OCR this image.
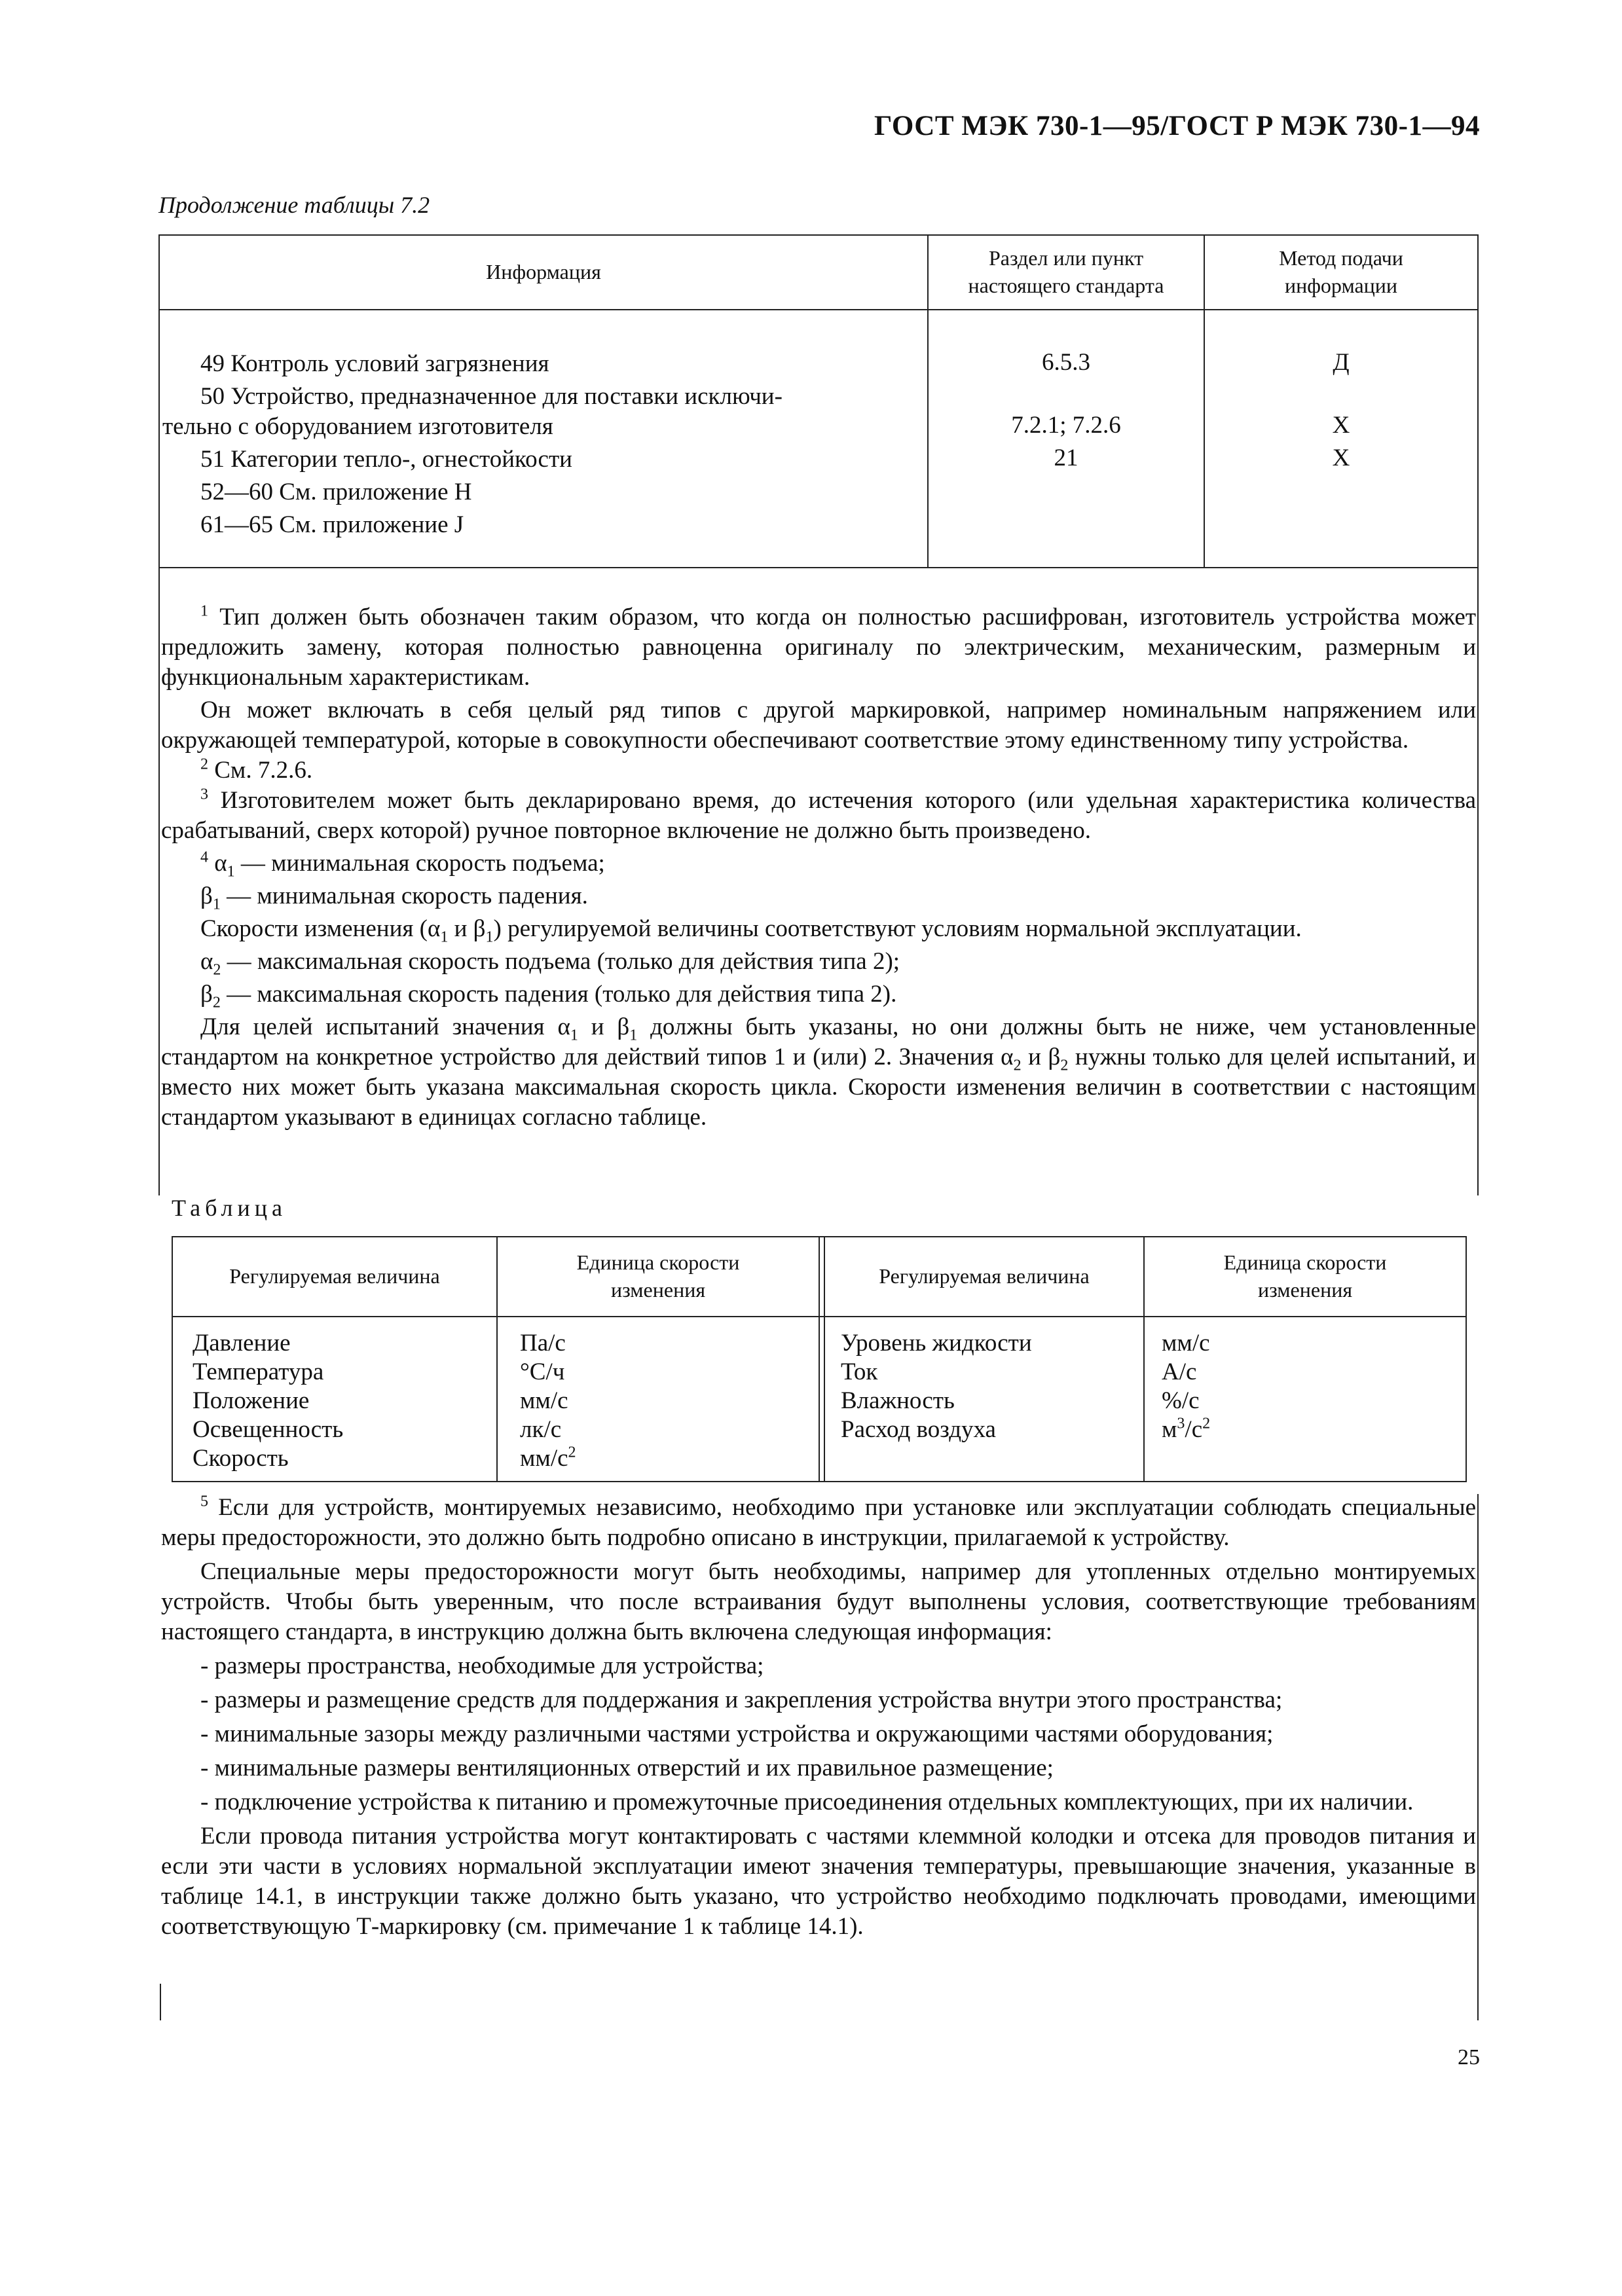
ГОСТ МЭК 730-1—95/ГОСТ Р МЭК 730-1—94
Продолжение таблицы 7.2
Информация
Раздел или пункт настоящего стандарта
Метод подачи информации
49 Контроль условий загрязнения
50 Устройство, предназначенное для поставки исключи-
тельно с оборудованием изготовителя
51 Категории тепло-, огнестойкости
52—60 См. приложение Н
61—65 См. приложение J
6.5.3
7.2.1; 7.2.6
21
Д
Х
Х

$^1$ Тип должен быть обозначен таким образом, что когда он полностью расшифрован, изготовитель устройства может предложить замену, которая полностью равноценна оригиналу по электрическим, механическим, размерным и функциональным характеристикам.

Он может включать в себя целый ряд типов с другой маркировкой, например номинальным напряжением или окружающей температурой, которые в совокупности обеспечивают соответствие этому единственному типу устройства.

$^2$ См. 7.2.6.

$^3$ Изготовителем может быть декларировано время, до истечения которого (или удельная характеристика количества срабатываний, сверх которой) ручное повторное включение не должно быть произведено.

$^4$ $\alpha_1$ — минимальная скорость подъема;

$\beta_1$ — минимальная скорость падения.

Скорости изменения ($\alpha_1$ и $\beta_1$) регулируемой величины соответствуют условиям нормальной эксплуатации.

$\alpha_2$ — максимальная скорость подъема (только для действия типа 2);

$\beta_2$ — максимальная скорость падения (только для действия типа 2).

Для целей испытаний значения $\alpha_1$ и $\beta_1$ должны быть указаны, но они должны быть не ниже, чем установленные стандартом на конкретное устройство для действий типов 1 и (или) 2. Значения $\alpha_2$ и $\beta_2$ нужны только для целей испытаний, и вместо них может быть указана максимальная скорость цикла. Скорости изменения величин в соответствии с настоящим стандартом указывают в единицах согласно таблице.

Таблица
Регулируемая величина
Единица скорости изменения
Регулируемая величина
Единица скорости изменения
Давление
Температура
Положение
Освещенность
Скорость
Па/с
°С/ч
мм/с
лк/с
$мм/с^2$
Уровень жидкости
Ток
Влажность
Расход воздуха
мм/с
А/с
%/с
$м^3/с^2$

$^5$ Если для устройств, монтируемых независимо, необходимо при установке или эксплуатации соблюдать специальные меры предосторожности, это должно быть подробно описано в инструкции, прилагаемой к устройству.

Специальные меры предосторожности могут быть необходимы, например для утопленных отдельно монтируемых устройств. Чтобы быть уверенным, что после встраивания будут выполнены условия, соответствующие требованиям настоящего стандарта, в инструкцию должна быть включена следующая информация:

- размеры пространства, необходимые для устройства;

- размеры и размещение средств для поддержания и закрепления устройства внутри этого пространства;

- минимальные зазоры между различными частями устройства и окружающими частями оборудования;

- минимальные размеры вентиляционных отверстий и их правильное размещение;

- подключение устройства к питанию и промежуточные присоединения отдельных комплектующих, при их наличии.

Если провода питания устройства могут контактировать с частями клеммной колодки и отсека для проводов питания и если эти части в условиях нормальной эксплуатации имеют значения температуры, превышающие значения, указанные в таблице 14.1, в инструкции также должно быть указано, что устройство необходимо подключать проводами, имеющими соответствующую Т-маркировку (см. примечание 1 к таблице 14.1).

25
